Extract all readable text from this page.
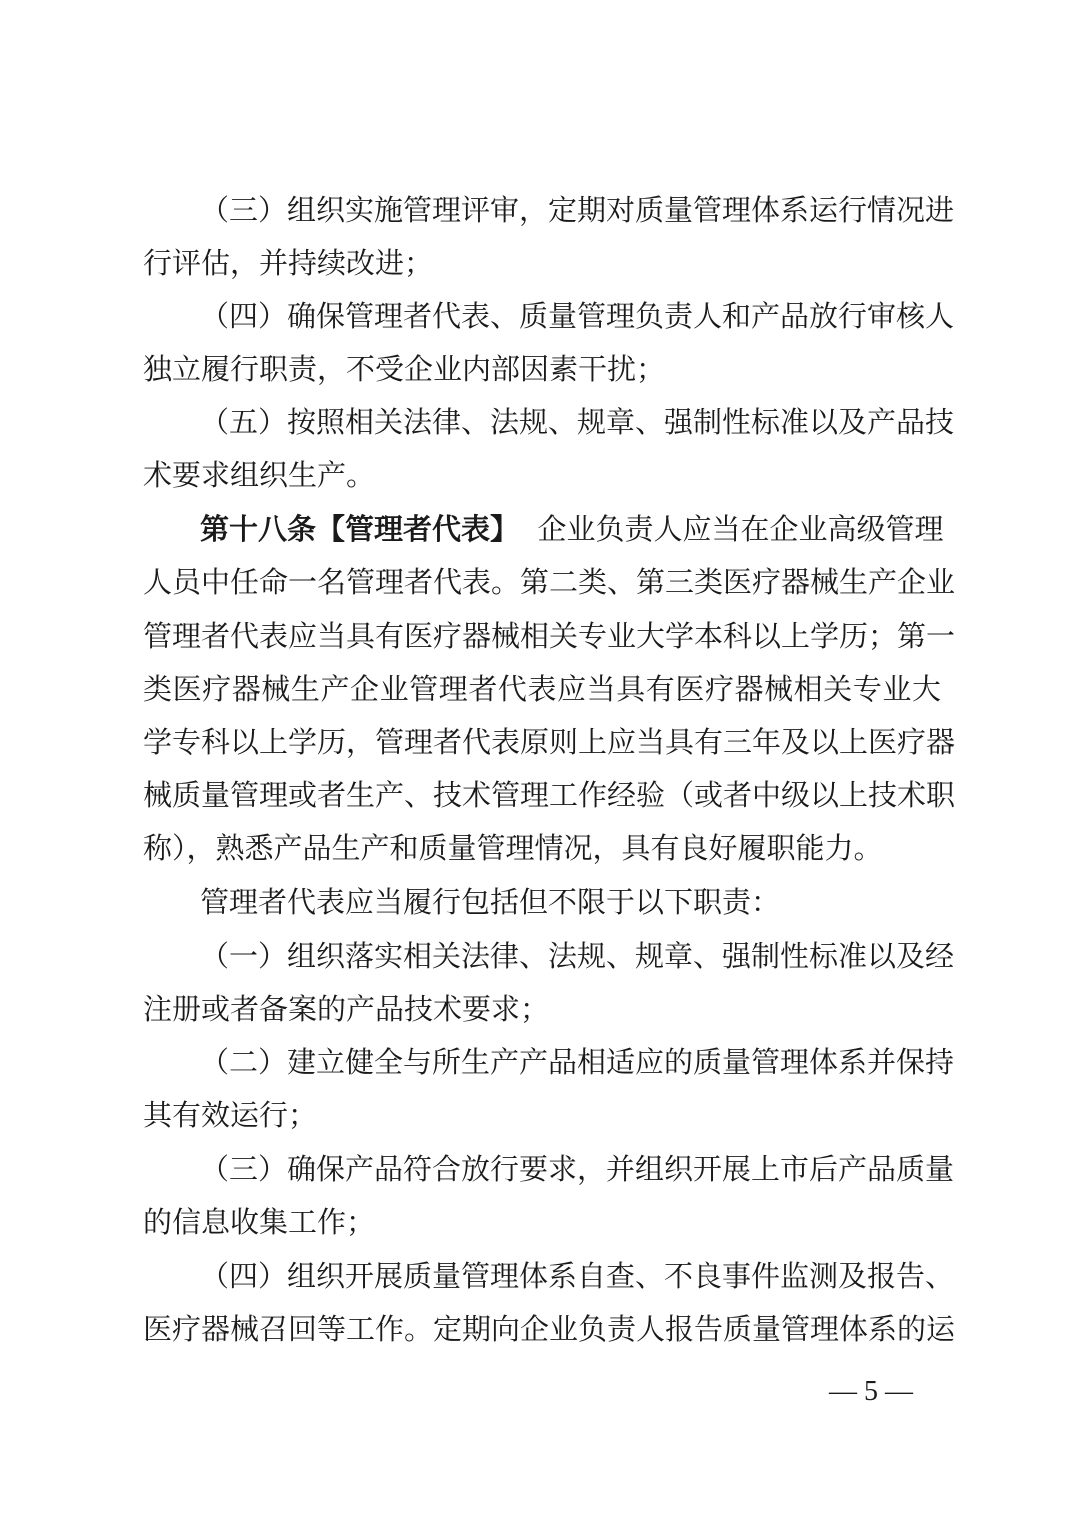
（三）组织实施管理评审，定期对质量管理体系运行情况进
行评估，并持续改进；
（四）确保管理者代表、质量管理负责人和产品放行审核人
独立履行职责，不受企业内部因素干扰；
（五）按照相关法律、法规、规章、强制性标准以及产品技
术要求组织生产。
第十八条【管理者代表】 企业负责人应当在企业高级管理
人员中任命一名管理者代表。第二类、第三类医疗器械生产企业
管理者代表应当具有医疗器械相关专业大学本科以上学历；第一
类医疗器械生产企业管理者代表应当具有医疗器械相关专业大
学专科以上学历，管理者代表原则上应当具有三年及以上医疗器
械质量管理或者生产、技术管理工作经验（或者中级以上技术职
称），熟悉产品生产和质量管理情况，具有良好履职能力。
管理者代表应当履行包括但不限于以下职责：
（一）组织落实相关法律、法规、规章、强制性标准以及经
注册或者备案的产品技术要求；
（二）建立健全与所生产产品相适应的质量管理体系并保持
其有效运行；
（三）确保产品符合放行要求，并组织开展上市后产品质量
的信息收集工作；
（四）组织开展质量管理体系自查、不良事件监测及报告、
医疗器械召回等工作。定期向企业负责人报告质量管理体系的运
— 5 —
